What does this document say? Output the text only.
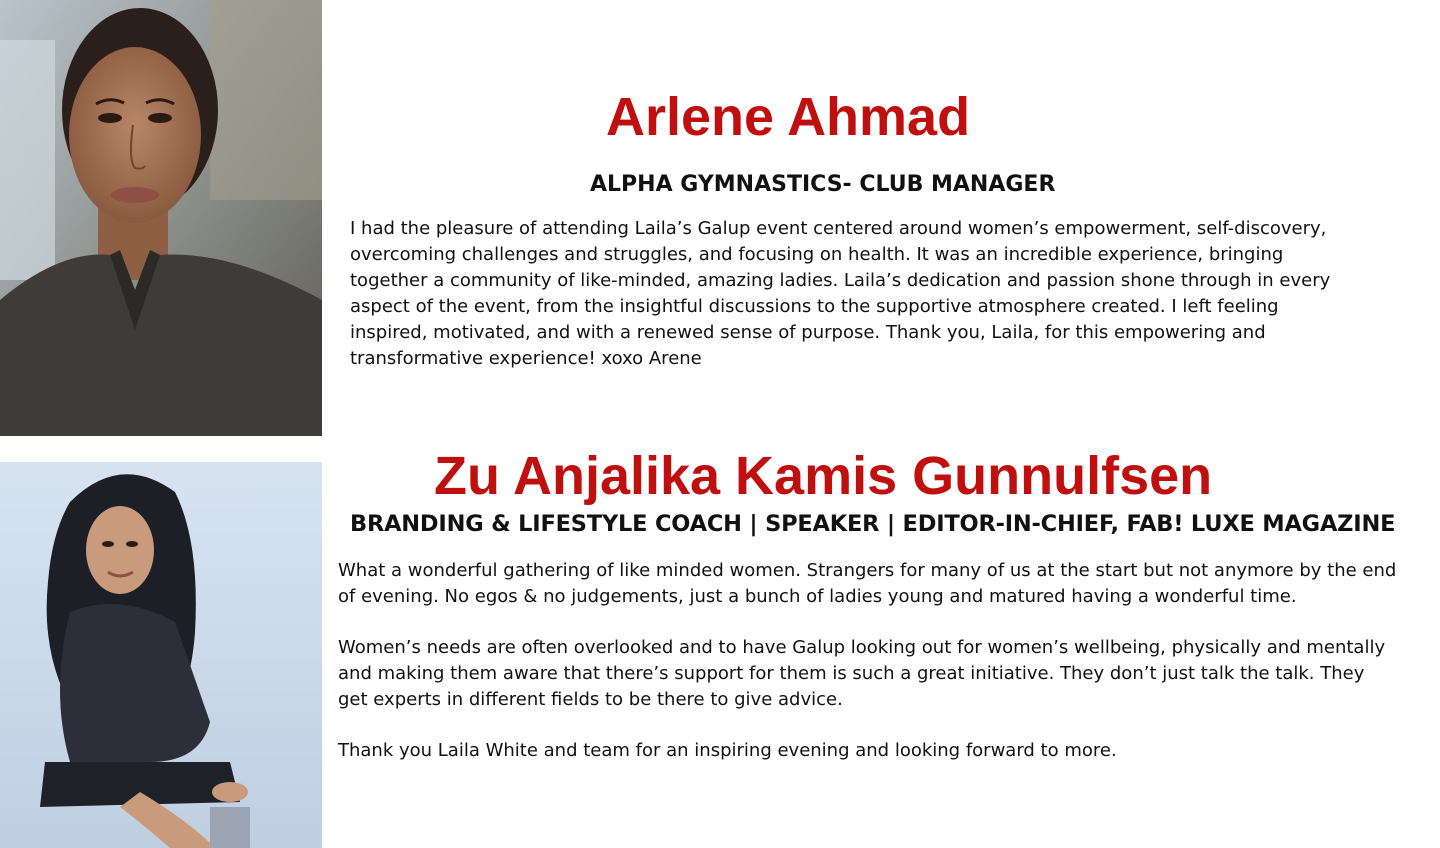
Arlene Ahmad
ALPHA GYMNASTICS- CLUB MANAGER

I had the pleasure of attending Laila’s Galup event centered around women’s empowerment, self-discovery, overcoming challenges and struggles, and focusing on health. It was an incredible experience, bringing together a community of like-minded, amazing ladies. Laila’s dedication and passion shone through in every aspect of the event, from the insightful discussions to the supportive atmosphere created. I left feeling inspired, motivated, and with a renewed sense of purpose. Thank you, Laila, for this empowering and transformative experience! xoxo Arene

Zu Anjalika Kamis Gunnulfsen
BRANDING & LIFESTYLE COACH | SPEAKER | EDITOR-IN-CHIEF, FAB! LUXE MAGAZINE

What a wonderful gathering of like minded women. Strangers for many of us at the start but not anymore by the end of evening. No egos & no judgements, just a bunch of ladies young and matured having a wonderful time.

Women’s needs are often overlooked and to have Galup looking out for women’s wellbeing, physically and mentally and making them aware that there’s support for them is such a great initiative. They don’t just talk the talk. They get experts in different fields to be there to give advice.

Thank you Laila White and team for an inspiring evening and looking forward to more.
